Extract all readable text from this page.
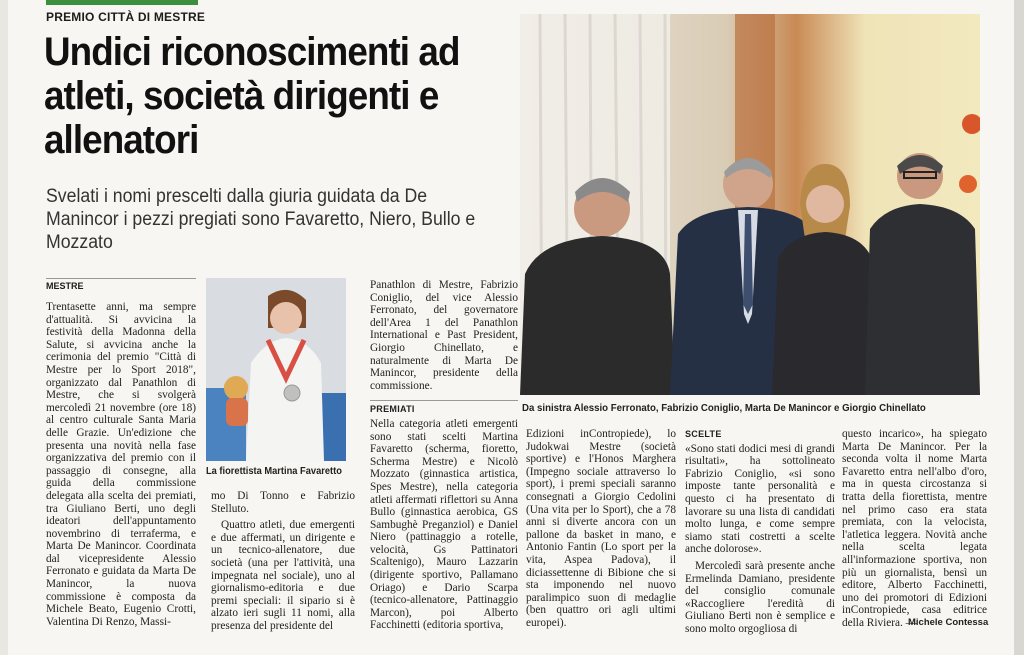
PREMIO CITTÀ DI MESTRE
Undici riconoscimenti ad atleti, società dirigenti e allenatori
Svelati i nomi prescelti dalla giuria guidata da De Manincor i pezzi pregiati sono Favaretto, Niero, Bullo e Mozzato
Da sinistra Alessio Ferronato, Fabrizio Coniglio, Marta De Manincor e Giorgio Chinellato
MESTRE

Trentasette anni, ma sempre d'attualità. Si avvicina la festività della Madonna della Salute, si avvicina anche la cerimonia del premio "Città di Mestre per lo Sport 2018", organizzato dal Panathlon di Mestre, che si svolgerà mercoledì 21 novembre (ore 18) al centro culturale Santa Maria delle Grazie. Un'edizione che presenta una novità nella fase organizzativa del premio con il passaggio di consegne, alla guida della commissione delegata alla scelta dei premiati, tra Giuliano Berti, uno degli ideatori dell'appuntamento novembrino di terraferma, e Marta De Manincor. Coordinata dal vicepresidente Alessio Ferronato e guidata da Marta De Manincor, la nuova commissione è composta da Michele Beato, Eugenio Crotti, Valentina Di Renzo, Massi-

La fiorettista Martina Favaretto

mo Di Tonno e Fabrizio Stelluto.

Quattro atleti, due emergenti e due affermati, un dirigente e un tecnico-allenatore, due società (una per l'attività, una impegnata nel sociale), uno al giornalismo-editoria e due premi speciali: il sipario si è alzato ieri sugli 11 nomi, alla presenza del presidente del

Panathlon di Mestre, Fabrizio Coniglio, del vice Alessio Ferronato, del governatore dell'Area 1 del Panathlon International e Past President, Giorgio Chinellato, e naturalmente di Marta De Manincor, presidente della commissione.

PREMIATI

Nella categoria atleti emergenti sono stati scelti Martina Favaretto (scherma, fioretto, Scherma Mestre) e Nicolò Mozzato (ginnastica artistica, Spes Mestre), nella categoria atleti affermati riflettori su Anna Bullo (ginnastica aerobica, GS Sambughè Preganziol) e Daniel Niero (pattinaggio a rotelle, velocità, Gs Pattinatori Scaltenigo), Mauro Lazzarin (dirigente sportivo, Pallamano Oriago) e Dario Scarpa (tecnico-allenatore, Pattinaggio Marcon), poi Alberto Facchinetti (editoria sportiva,

Edizioni inContropiede), lo Judokwai Mestre (società sportive) e l'Honos Marghera (Impegno sociale attraverso lo sport), i premi speciali saranno consegnati a Giorgio Cedolini (Una vita per lo Sport), che a 78 anni si diverte ancora con un pallone da basket in mano, e Antonio Fantin (Lo sport per la vita, Aspea Padova), il diciassettenne di Bibione che si sta imponendo nel nuovo paralimpico suon di medaglie (ben quattro ori agli ultimi europei).

SCELTE

«Sono stati dodici mesi di grandi risultati», ha sottolineato Fabrizio Coniglio, «si sono imposte tante personalità e questo ci ha presentato di lavorare su una lista di candidati molto lunga, e come sempre siamo stati costretti a scelte anche dolorose».

Mercoledì sarà presente anche Ermelinda Damiano, presidente del consiglio comunale «Raccogliere l'eredità di Giuliano Berti non è semplice e sono molto orgogliosa di

questo incarico», ha spiegato Marta De Manincor. Per la seconda volta il nome Marta Favaretto entra nell'albo d'oro, ma in questa circostanza si tratta della fiorettista, mentre nel primo caso era stata premiata, con la velocista, l'atletica leggera. Novità anche nella scelta legata all'informazione sportiva, non più un giornalista, bensì un editore, Alberto Facchinetti, uno dei promotori di Edizioni inContropiede, casa editrice della Riviera. —

Michele Contessa
